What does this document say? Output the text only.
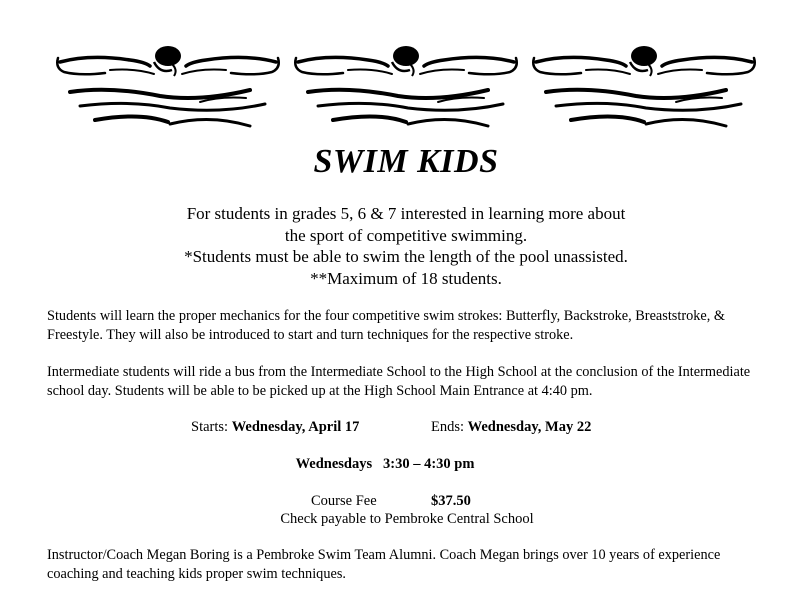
SWIM KIDS
For students in grades 5, 6 & 7 interested in learning more about
the sport of competitive swimming.
*Students must be able to swim the length of the pool unassisted.
**Maximum of 18 students.
Students will learn the proper mechanics for the four competitive swim strokes: Butterfly, Backstroke, Breaststroke, & Freestyle. They will also be introduced to start and turn techniques for the respective stroke.
Intermediate students will ride a bus from the Intermediate School to the High School at the conclusion of the Intermediate school day. Students will be able to be picked up at the High School Main Entrance at 4:40 pm.
Starts: Wednesday, April 17	Ends: Wednesday, May 22
Wednesdays   3:30 – 4:30 pm
Course Fee	$37.50
Check payable to Pembroke Central School
Instructor/Coach Megan Boring is a Pembroke Swim Team Alumni. Coach Megan brings over 10 years of experience coaching and teaching kids proper swim techniques.
